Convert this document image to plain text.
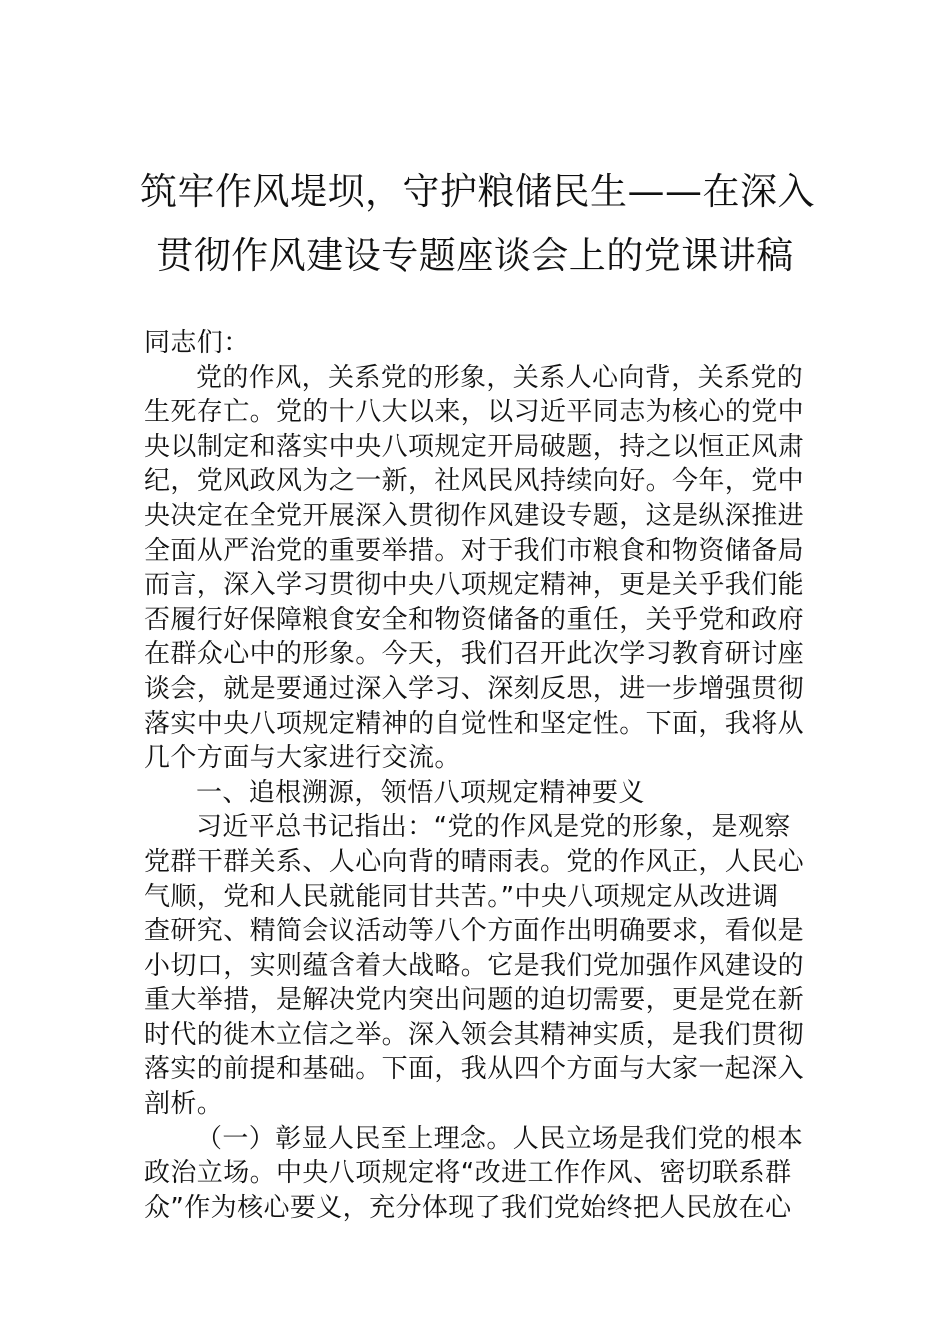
筑牢作风堤坝，守护粮储民生——在深入
贯彻作风建设专题座谈会上的党课讲稿
同志们：
党的作风，关系党的形象，关系人心向背，关系党的
生死存亡。党的十八大以来，以习近平同志为核心的党中
央以制定和落实中央八项规定开局破题，持之以恒正风肃
纪，党风政风为之一新，社风民风持续向好。今年，党中
央决定在全党开展深入贯彻作风建设专题，这是纵深推进
全面从严治党的重要举措。对于我们市粮食和物资储备局
而言，深入学习贯彻中央八项规定精神，更是关乎我们能
否履行好保障粮食安全和物资储备的重任，关乎党和政府
在群众心中的形象。今天，我们召开此次学习教育研讨座
谈会，就是要通过深入学习、深刻反思，进一步增强贯彻
落实中央八项规定精神的自觉性和坚定性。下面，我将从
几个方面与大家进行交流。
一、追根溯源，领悟八项规定精神要义
习近平总书记指出：“党的作风是党的形象，是观察
党群干群关系、人心向背的晴雨表。党的作风正，人民心
气顺，党和人民就能同甘共苦。”中央八项规定从改进调
查研究、精简会议活动等八个方面作出明确要求，看似是
小切口，实则蕴含着大战略。它是我们党加强作风建设的
重大举措，是解决党内突出问题的迫切需要，更是党在新
时代的徙木立信之举。深入领会其精神实质，是我们贯彻
落实的前提和基础。下面，我从四个方面与大家一起深入
剖析。
（一）彰显人民至上理念。人民立场是我们党的根本
政治立场。中央八项规定将“改进工作作风、密切联系群
众”作为核心要义，充分体现了我们党始终把人民放在心
